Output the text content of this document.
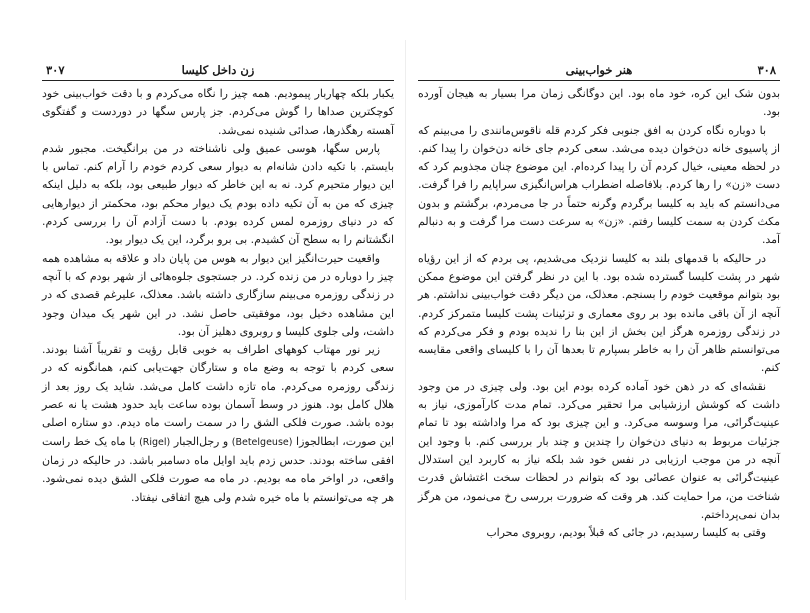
۳۰۷	زن داخل کلیسا

یکبار بلکه چهاربار پیمودیم. همه چیز را نگاه می‌کردم و با دقت خواب‌بینی خود کوچکترین صداها را گوش می‌کردم. جز پارس سگها در دوردست و گفتگوی آهسته رهگذرها، صدائی شنیده نمی‌شد.

پارس سگها، هوسی عمیق ولی ناشناخته در من برانگیخت. مجبور شدم بایستم. با تکیه دادن شانه‌ام به دیوار سعی کردم خودم را آرام کنم. تماس با این دیوار متحیرم کرد. نه به این خاطر که دیوار طبیعی بود، بلکه به دلیل اینکه چیزی که من به آن تکیه داده بودم یک دیوار محکم بود، محکمتر از دیوارهایی که در دنیای روزمره لمس کرده بودم. با دست آزادم آن را بررسی کردم. انگشتانم را به سطح آن کشیدم. بی برو برگرد، این یک دیوار بود.

واقعیت حیرت‌انگیز این دیوار به هوس من پایان داد و علاقه به مشاهده همه چیز را دوباره در من زنده کرد. در جستجوی جلوه‌هائی از شهر بودم که با آنچه در زندگی روزمره می‌بینم سازگاری داشته باشد. معذلک، علیرغم قصدی که در این مشاهده دخیل بود، موفقیتی حاصل نشد. در این شهر یک میدان وجود داشت، ولی جلوی کلیسا و روبروی دهلیز آن بود.

زیر نور مهتاب کوههای اطراف به خوبی قابل رؤیت و تقریباً آشنا بودند. سعی کردم با توجه به وضع ماه و ستارگان جهت‌یابی کنم، همانگونه که در زندگی روزمره می‌کردم. ماه تازه داشت کامل می‌شد. شاید یک روز بعد از هلال کامل بود. هنوز در وسط آسمان بوده ساعت باید حدود هشت یا نه عصر بوده باشد. صورت فلکی الشق را در سمت راست ماه دیدم. دو ستاره اصلی این صورت، ابطالجوزا (Betelgeuse) و رجل‌الجبار (Rigel) با ماه یک خط راست افقی ساخته بودند. حدس زدم باید اوایل ماه دسامبر باشد. در حالیکه در زمان واقعی، در اواخر ماه مه بودیم. در ماه مه صورت فلکی الشق دیده نمی‌شود. هر چه می‌توانستم با ماه خیره شدم ولی هیچ اتفاقی نیفتاد.

۳۰۸
هنر خواب‌بینی

بدون شک این کره، خود ماه بود. این دوگانگی زمان مرا بسیار به هیجان آورده بود.

با دوباره نگاه کردن به افق جنوبی فکر کردم قله ناقوس‌مانندی را می‌بینم که از پاسیوی خانه دن‌خوان دیده می‌شد. سعی کردم جای خانه دن‌خوان را پیدا کنم. در لحظه معینی، خیال کردم آن را پیدا کرده‌ام. این موضوع چنان مجذوبم کرد که دست «زن» را رها کردم. بلافاصله اضطراب هراس‌انگیزی سراپایم را فرا گرفت. می‌دانستم که باید به کلیسا برگردم وگرنه حتماً در جا می‌مردم، برگشتم و بدون مکث کردن به سمت کلیسا رفتم. «زن» به سرعت دست مرا گرفت و به دنبالم آمد.

در حالیکه با قدمهای بلند به کلیسا نزدیک می‌شدیم، پی بردم که از این رؤیاه شهر در پشت کلیسا گسترده شده بود. با این در نظر گرفتن این موضوع ممکن بود بتوانم موقعیت خودم را بسنجم. معذلک، من دیگر دقت خواب‌بینی نداشتم. هر آنچه از آن باقی مانده بود بر روی معماری و تزئینات پشت کلیسا متمرکز کردم. در زندگی روزمره هرگز این بخش از این بنا را ندیده بودم و فکر می‌کردم که می‌توانستم ظاهر آن را به خاطر بسپارم تا بعدها آن را با کلیسای واقعی مقایسه کنم.

نقشه‌ای که در ذهن خود آماده کرده بودم این بود. ولی چیزی در من وجود داشت که کوشش ارزشیابی مرا تحقیر می‌کرد. تمام مدت کارآموزی، نیاز به عینیت‌گرائی، مرا وسوسه می‌کرد. و این چیزی بود که مرا واداشته بود تا تمام جزئیات مربوط به دنیای دن‌خوان را چندین و چند بار بررسی کنم. با وجود این آنچه در من موجب ارزیابی در نفس خود شد بلکه نیاز به کاربرد این استدلال عینیت‌گرائی به عنوان عصائی بود که بتوانم در لحظات سخت اغتشاش قدرت شناخت من، مرا حمایت کند. هر وقت که ضرورت بررسی رخ می‌نمود، من هرگز بدان نمی‌پرداختم.

وقتی به کلیسا رسیدیم، در جائی که قبلاً بودیم، روبروی محراب
